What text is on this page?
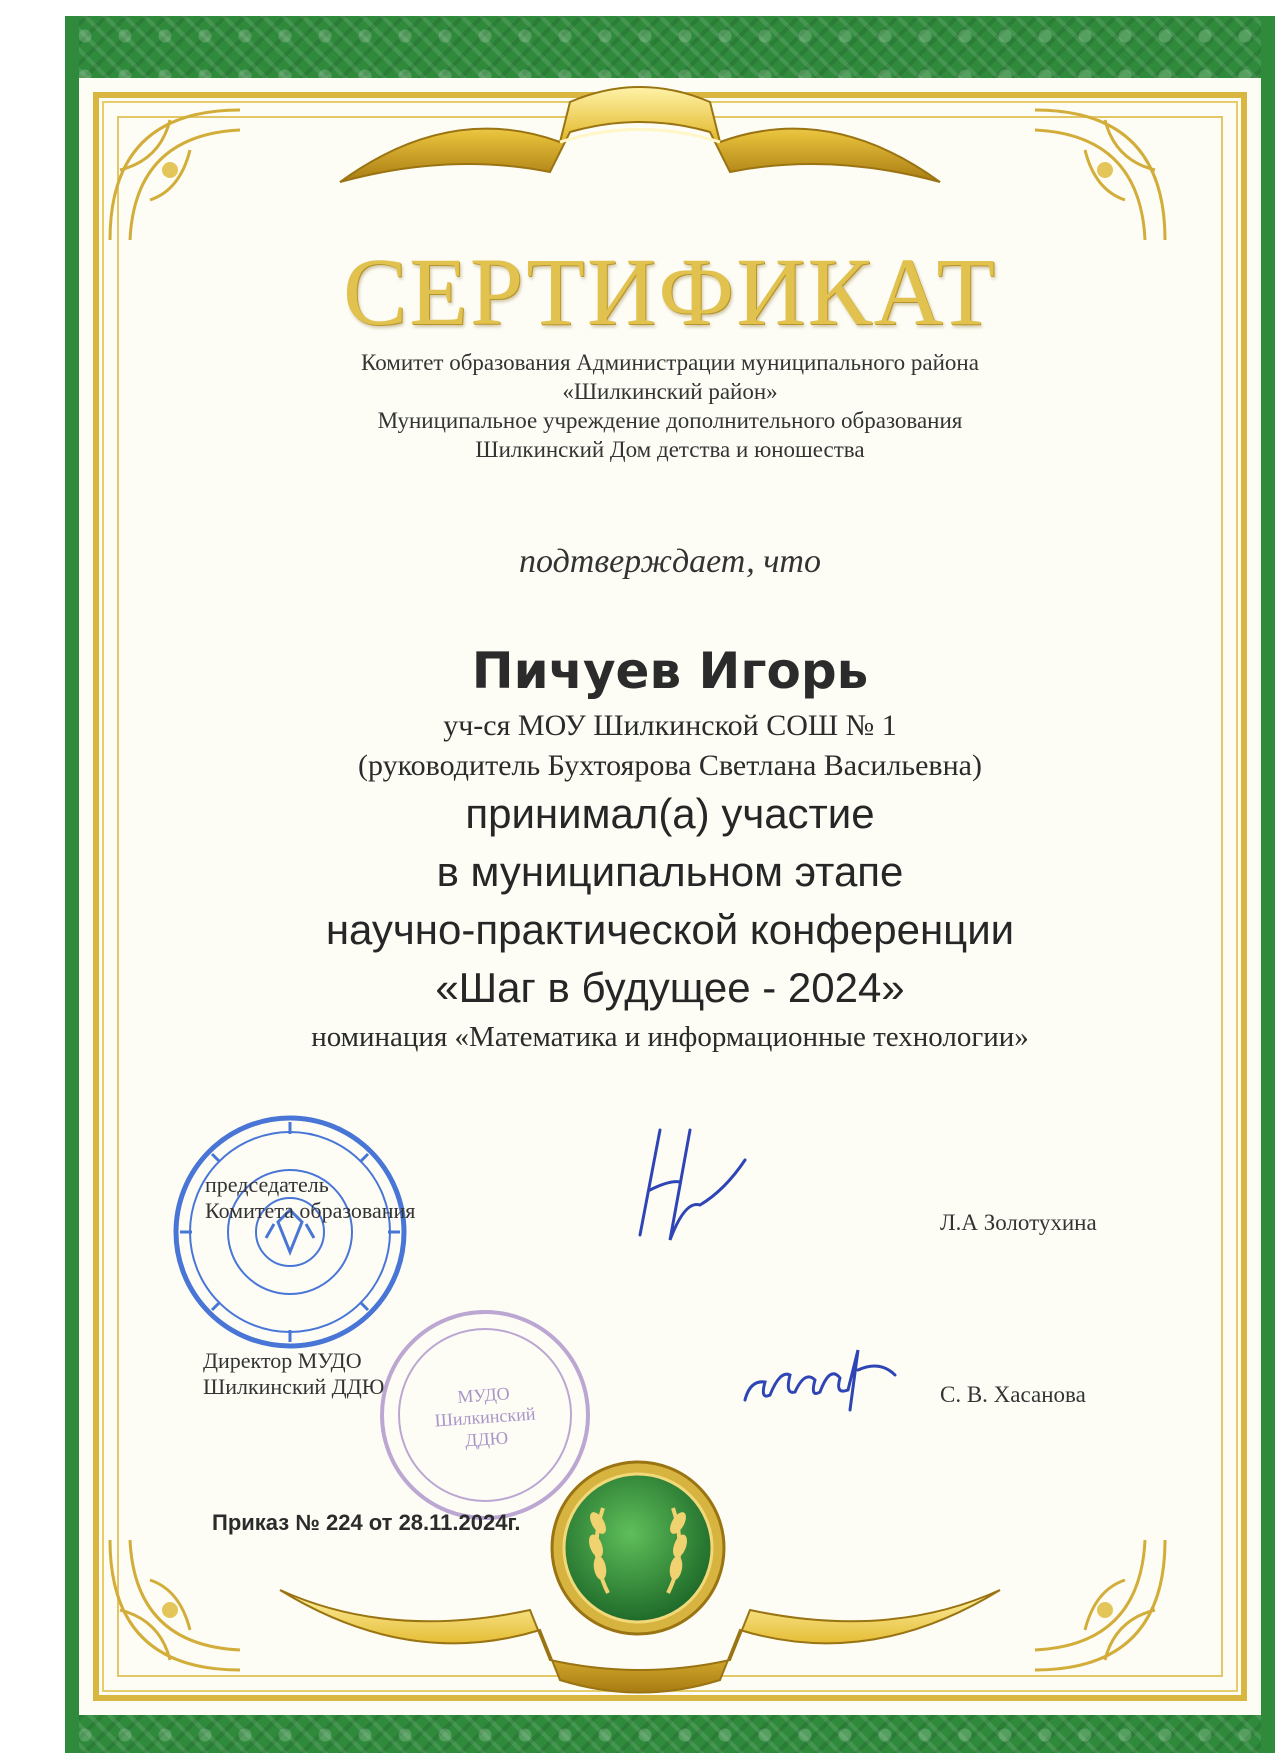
СЕРТИФИКАТ
Комитет образования Администрации муниципального района
«Шилкинский район»
Муниципальное учреждение дополнительного образования
Шилкинский Дом детства и юношества
подтверждает, что
Пичуев Игорь
уч-ся МОУ Шилкинской СОШ № 1
(руководитель Бухтоярова Светлана Васильевна)
принимал(а) участие
в муниципальном этапе
научно-практической конференции
«Шаг в будущее - 2024»
номинация «Математика и информационные технологии»
МУДО
Шилкинский
ДДЮ
председатель
Комитета образования	Л.А Золотухина
Директор МУДО
Шилкинский ДДЮ	С. В. Хасанова
Приказ № 224 от 28.11.2024г.
